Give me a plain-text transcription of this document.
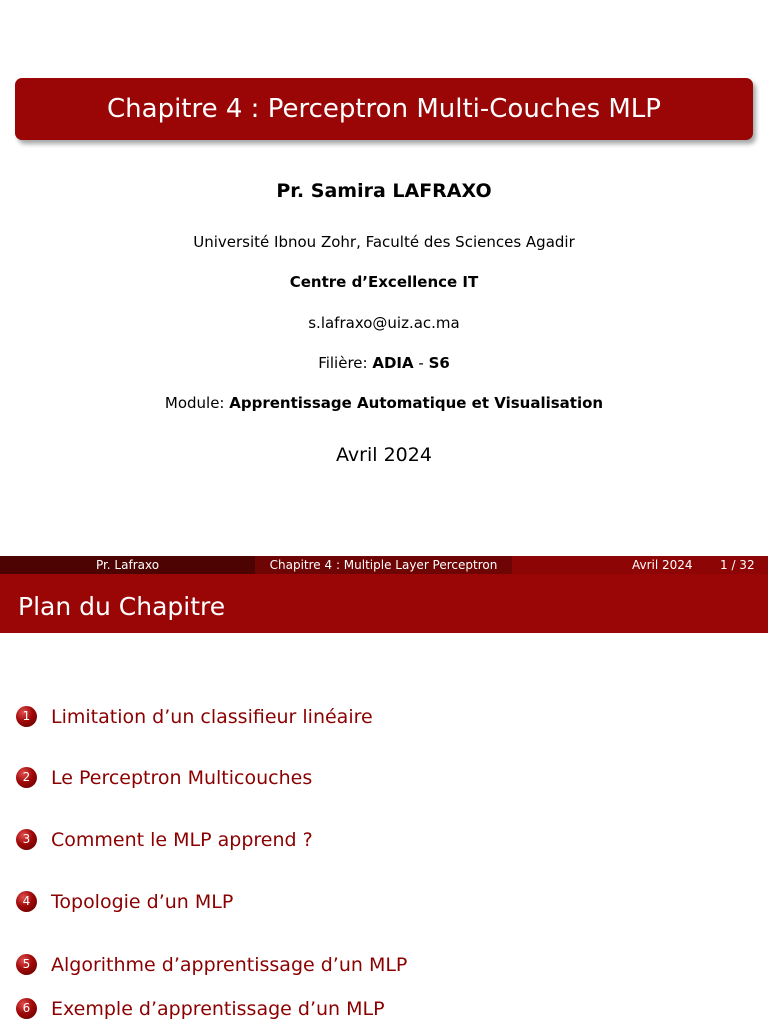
Chapitre 4 : Perceptron Multi-Couches MLP
Pr. Samira LAFRAXO
Université Ibnou Zohr, Faculté des Sciences Agadir
Centre d’Excellence IT
s.lafraxo@uiz.ac.ma
Filière: ADIA - S6
Module: Apprentissage Automatique et Visualisation
Avril 2024
Pr. Lafraxo	Chapitre 4 : Multiple Layer Perceptron	Avril 2024 1 / 32
Plan du Chapitre
1	Limitation d’un classifieur linéaire
2	Le Perceptron Multicouches
3	Comment le MLP apprend ?
4	Topologie d’un MLP
5	Algorithme d’apprentissage d’un MLP
6	Exemple d’apprentissage d’un MLP
